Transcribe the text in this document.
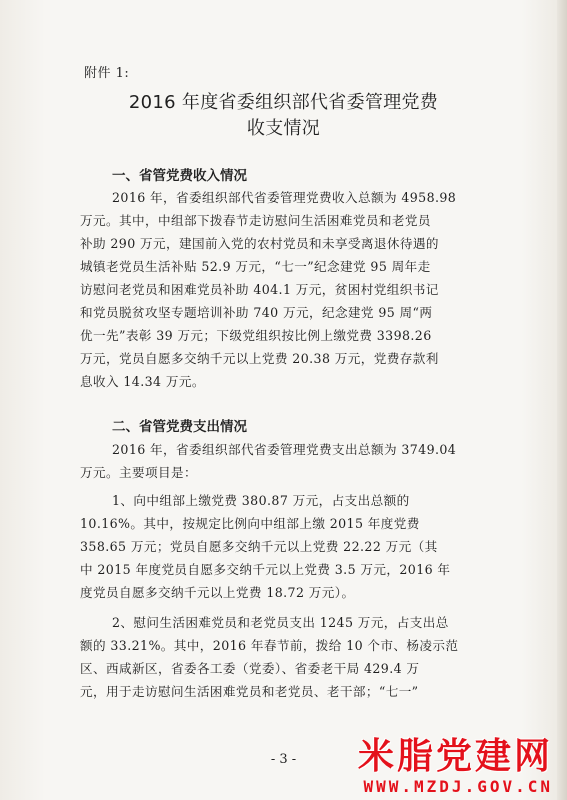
附件 1:
2016 年度省委组织部代省委管理党费
收支情况
一、省管党费收入情况
2016 年，省委组织部代省委管理党费收入总额为 4958.98
万元。其中，中组部下拨春节走访慰问生活困难党员和老党员
补助 290 万元，建国前入党的农村党员和未享受离退休待遇的
城镇老党员生活补贴 52.9 万元，“七一”纪念建党 95 周年走
访慰问老党员和困难党员补助 404.1 万元，贫困村党组织书记
和党员脱贫攻坚专题培训补助 740 万元，纪念建党 95 周“两
优一先”表彰 39 万元；下级党组织按比例上缴党费 3398.26
万元，党员自愿多交纳千元以上党费 20.38 万元，党费存款利
息收入 14.34 万元。
二、省管党费支出情况
2016 年，省委组织部代省委管理党费支出总额为 3749.04
万元。主要项目是：
1、向中组部上缴党费 380.87 万元，占支出总额的
10.16%。其中，按规定比例向中组部上缴 2015 年度党费
358.65 万元；党员自愿多交纳千元以上党费 22.22 万元（其
中 2015 年度党员自愿多交纳千元以上党费 3.5 万元，2016 年
度党员自愿多交纳千元以上党费 18.72 万元）。
2、慰问生活困难党员和老党员支出 1245 万元，占支出总
额的 33.21%。其中，2016 年春节前，拨给 10 个市、杨凌示范
区、西咸新区，省委各工委（党委）、省委老干局 429.4 万
元，用于走访慰问生活困难党员和老党员、老干部；“七一”
- 3 -	米脂党建网
WWW.MZDJ.GOV.CN
